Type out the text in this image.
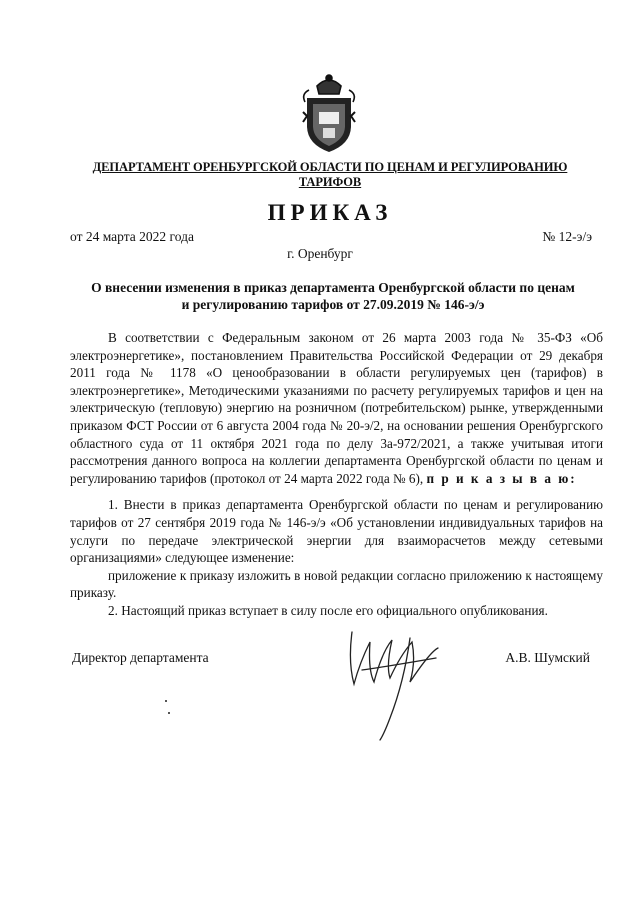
ДЕПАРТАМЕНТ ОРЕНБУРГСКОЙ ОБЛАСТИ ПО ЦЕНАМ И РЕГУЛИРОВАНИЮ ТАРИФОВ
ПРИКАЗ
от 24 марта 2022 года	№ 12-э/э
г. Оренбург
О внесении изменения в приказ департамента Оренбургской области по ценам
и регулированию тарифов от 27.09.2019 № 146-э/э

В соответствии с Федеральным законом от 26 марта 2003 года № 35-ФЗ «Об электроэнергетике», постановлением Правительства Российской Федерации от 29 декабря 2011 года № 1178 «О ценообразовании в области регулируемых цен (тарифов) в электроэнергетике», Методическими указаниями по расчету регулируемых тарифов и цен на электрическую (тепловую) энергию на розничном (потребительском) рынке, утвержденными приказом ФСТ России от 6 августа 2004 года № 20-э/2, на основании решения Оренбургского областного суда от 11 октября 2021 года по делу 3а-972/2021, а также учитывая итоги рассмотрения данного вопроса на коллегии департамента Оренбургской области по ценам и регулированию тарифов (протокол от 24 марта 2022 года № 6), п р и к а з ы в а ю:

1. Внести в приказ департамента Оренбургской области по ценам и регулированию тарифов от 27 сентября 2019 года № 146-э/э «Об установлении индивидуальных тарифов на услуги по передаче электрической энергии для взаиморасчетов между сетевыми организациями» следующее изменение:

приложение к приказу изложить в новой редакции согласно приложению к настоящему приказу.

2. Настоящий приказ вступает в силу после его официального опубликования.

Директор департамента	А.В. Шумский
